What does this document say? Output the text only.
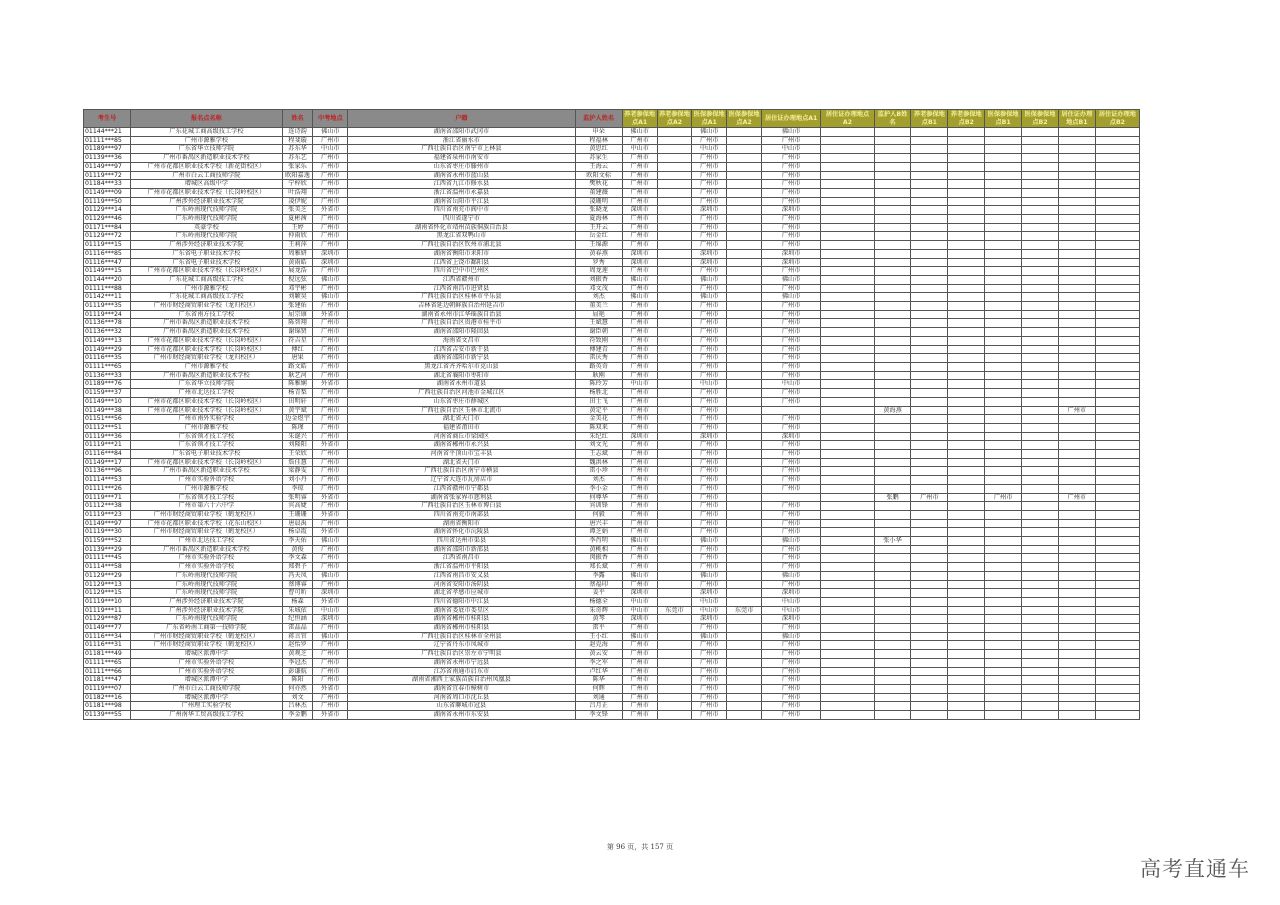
考生号	报名点名称	姓名	中考地点	户籍	监护人姓名	养老参保地点A1	养老参保地点A2	医保参保地点A1	医保参保地点A2	居住证办理地点A1	居住证办理地点A2	监护人B姓名	养老参保地点B1	养老参保地点B2	医保参保地点B1	医保参保地点B2	居住证办理地点B1	居住证办理地点B2
01144***21	广东花城工商高级技工学校	连诗韵	佛山市	湖南省邵阳市武冈市	申朵	佛山市		佛山市		佛山市								
01111***85	广州市源雅学校	程斐璇	广州市	浙江省丽水市	程福林	广州市		广州市		广州市								
01189***97	广东省华立技师学院	苏东华	中山市	广西壮族自治区南宁市上林县	黄思红	中山市		中山市		中山市								
01139***36	广州市番禺区新造职业技术学校	苏东艺	广州市	福建省泉州市南安市	苏家生	广州市		广州市		广州市								
01149***97	广州市花都区职业技术学校（新花街校区）	张家乐	广州市	山东省枣庄市滕州市	王海云	广州市		广州市		广州市								
01119***72	广州市白云工商技师学院	欧阳嘉逸	广州市	湖南省永州市蓝山县	欧阳文标	广州市		广州市		广州市								
01184***33	增城区高级中学	宁梓欣	广州市	江西省九江市修水县	樊秋花	广州市		广州市		广州市								
01149***09	广州市花都区职业技术学校（长岗岭校区）	叶浩翔	广州市	浙江省温州市永嘉县	董建薇	广州市		广州市		广州市								
01119***50	广州涉外经济职业技术学院	凌伊妮	广州市	湖南省岳阳市平江县	凌珊明	广州市		广州市		广州市								
01129***14	广东岭南现代技师学院	张美芝	外省市	四川省南充市阆中市	张晓龙	深圳市		深圳市		深圳市								
01129***46	广东岭南现代技师学院	夏彬茜	广州市	四川省遂宁市	夏海林	广州市		广州市		广州市								
01171***84	英豪学校	王婷	广州市	湖南省怀化市靖州苗族侗族自治县	王开云	广州市		广州市		广州市								
01129***72	广东岭南现代技师学院	仲雨欣	广州市	黑龙江省双鸭山市	岳金红	广州市		广州市		广州市								
01119***15	广州涉外经济职业技术学院	王莉萍	广州市	广西壮族自治区钦州市浦北县	王绵源	广州市		广州市		广州市								
01116***85	广东省电子职业技术学校	周雅妍	深圳市	湖南省衡阳市耒阳市	黄春燕	深圳市		深圳市		深圳市								
01116***47	广东省电子职业技术学校	黄雨皓	深圳市	江西省上饶市鄱阳县	罗秀	深圳市		深圳市		深圳市								
01149***15	广州市花都区职业技术学校（长岗岭校区）	展龙浩	广州市	四川省巴中市巴州区	周龙莲	广州市		广州市		广州市								
01144***20	广东花城工商高级技工学校	倪远弦	佛山市	江西省赣州市	刘振香	佛山市		佛山市		佛山市								
01111***88	广州市源雅学校	邓宇彬	广州市	江西省南昌市进贤县	邓文茂	广州市		广州市		广州市								
01142***11	广东花城工商高级技工学校	刘颖昊	佛山市	广西壮族自治区桂林市平乐县	刘杰	佛山市		佛山市		佛山市								
01119***35	广州市财经商贸职业学校（龙归校区）	张建佑	广州市	吉林省延边朝鲜族自治州延吉市	董美兰	广州市		广州市		广州市								
01119***24	广东省南方技工学校	屈宗康	外省市	湖南省永州市江华瑶族自治县	屈艳	广州市		广州市		广州市								
01136***78	广州市番禺区新造职业技术学校	陈智翔	广州市	广西壮族自治区贵港市桂平市	王斌慧	广州市		广州市		广州市								
01136***32	广州市番禺区新造职业技术学校	谢锦贤	广州市	湖南省邵阳市隆回县	谢臣朝	广州市		广州市		广州市								
01149***13	广州市花都区职业技术学校（长岗岭校区）	符吉星	广州市	海南省文昌市	符致刚	广州市		广州市		广州市								
01149***29	广州市花都区职业技术学校（长岗岭校区）	傅红	广州市	江西省吉安市新干县	傅建青	广州市		广州市		广州市								
01116***35	广州市财经商贸职业学校（龙归校区）	唐果	广州市	湖南省邵阳市新宁县	雷庆秀	广州市		广州市		广州市								
01111***65	广州市源雅学校	路文皓	广州市	黑龙江省齐齐哈尔市克山县	路英奇	广州市		广州市		广州市								
01136***33	广州市番禺区新造职业技术学校	耿艺河	广州市	湖北省襄阳市枣阳市	耿刚	广州市		广州市		广州市								
01189***76	广东省华立技师学院	陈雅娴	外省市	湖南省永州市道县	陈玲芳	中山市		中山市		中山市								
01159***37	广州市北达技工学校	杨青梨	广州市	广西壮族自治区河池市金城江区	杨胜北	广州市		广州市		广州市								
01149***10	广州市花都区职业技术学校（长岗岭校区）	田明轩	广州市	山东省枣庄市薛城区	田士飞	广州市		广州市		广州市								
01149***38	广州市花都区职业技术学校（长岗岭校区）	黄宇斌	广州市	广西壮族自治区玉林市北流市	黄定平	广州市		广州市				黄海燕					广州市	
01151***56	广州市南外实验学校	边金煜宇	广州市	湖北省天门市	金美花	广州市		广州市		广州市								
01112***51	广州市源雅学校	陈瑾	广州市	福建省莆田市	陈双来	广州市		广州市		广州市								
01119***36	广东省领才技工学校	朱诞兴	广州市	河南省商丘市梁园区	朱纪红	深圳市		深圳市		深圳市								
01119***21	广东省领才技工学校	刘隆阳	外省市	湖南省郴州市永兴县	刘文光	广州市		广州市		广州市								
01116***84	广东省电子职业技术学校	王荣欣	广州市	河南省平顶山市宝丰县	王志斌	广州市		广州市		广州市								
01149***17	广州市花都区职业技术学校（长岗岭校区）	詹佳慧	广州市	湖北省天门市	魏洪林	广州市		广州市		广州市								
01136***96	广州市番禺区新造职业技术学校	梁静雯	广州市	广西壮族自治区南宁市横县	雷小珍	广州市		广州市		广州市								
01114***53	广州市实验外语学校	刘小丹	广州市	辽宁省大连市瓦房店市	刘杰	广州市		广州市		广州市								
01111***26	广州市源雅学校	李琼	广州市	江西省赣州市宁都县	李小金	广州市		广州市		广州市								
01119***71	广东省领才技工学校	张明睿	外省市	湖南省张家界市慈利县	何尊华	广州市		广州市				张鹏	广州市		广州市		广州市	
01112***38	广州市第六十六中学	宾高婕	广州市	广西壮族自治区玉林市博白县	宾训锋	广州市		广州市		广州市								
01119***23	广州市财经商贸职业学校（鹤龙校区）	王珊珊	外省市	四川省南充市南部县	何毅	广州市		广州市		广州市								
01149***97	广州市花都区职业技术学校（花东山校区）	唐晨禹	广州市	湖南省衡阳市	唐兴丰	广州市		广州市		广州市								
01119***30	广州市财经商贸职业学校（鹤龙校区）	杨卓霞	外省市	湖南省怀化市沅陵县	谭芝娟	广州市		广州市		广州市								
01159***52	广州市北达技工学校	李天佑	佛山市	四川省达州市渠县	李肖明	佛山市		佛山市		佛山市		张小华						
01139***29	广州市番禺区新造职业技术学校	黄俊	广州市	湖南省邵阳市新邵县	黄桃相	广州市		广州市		广州市								
01111***45	广州市实验外语学校	李文森	广州市	江西省南昌市	闵振香	广州市		广州市		广州市								
01114***58	广州市实验外语学校	郑碧予	广州市	浙江省温州市平阳县	郑长斌	广州市		广州市		广州市								
01129***29	广东岭南现代技师学院	冯天凤	佛山市	江西省南昌市安义县	李露	佛山市		佛山市		佛山市								
01129***13	广东岭南现代技师学院	蔡博睿	广州市	河南省安阳市汤阴县	蔡福印	广州市		广州市		广州市								
01129***15	广东岭南现代技师学院	曹可昕	深圳市	湖北省孝感市应城市	姜平	深圳市		深圳市		深圳市								
01119***10	广州涉外经济职业技术学院	杨森	外省市	四川省德阳市中江县	杨德全	中山市		中山市		中山市								
01119***11	广州涉外经济职业技术学院	朱城依	中山市	湖南省娄底市娄星区	朱奇辉	中山市	东莞市	中山市	东莞市	中山市								
01129***87	广东岭南现代技师学院	纪恒涵	深圳市	湖南省郴州市桂阳县	黄琴	深圳市		深圳市		深圳市								
01149***77	广东省岭南工商第一技师学院	雷晶晶	广州市	湖南省郴州市桂阳县	雷平	广州市		广州市		广州市								
01116***34	广州市财经商贸职业学校（鹤龙校区）	蒋言官	佛山市	广西壮族自治区桂林市全州县	王小红	佛山市		佛山市		佛山市								
01116***31	广州市财经商贸职业学校（鹤龙校区）	赵怡罗	广州市	辽宁省丹东市凤城市	赵克海	广州市		广州市		广州市								
01181***49	增城区派潭中学	黄观芝	广州市	广西壮族自治区崇左市宁明县	黄云安	广州市		广州市		广州市								
01111***65	广州市实验外语学校	李冠杰	广州市	湖南省永州市宁远县	李之军	广州市		广州市		广州市								
01111***66	广州市实验外语学校	彭谦航	广州市	江苏省南通市启东市	卢红华	广州市		广州市		广州市								
01181***47	增城区派潭中学	陈阳	广州市	湖南省湘西土家族苗族自治州凤凰县	陈华	广州市		广州市		广州市								
01119***07	广州市白云工商技师学院	何亦然	外省市	湖南省宜春市樟树市	何辉	广州市		广州市		广州市								
01182***16	增城区派潭中学	刘文	广州市	河南省周口市沈丘县	刘通	广州市		广州市		广州市								
01181***98	广州理工实验学校	吕林杰	广州市	山东省聊城市冠县	吕月正	广州市		广州市		广州市								
01139***55	广州南华工贸高级技工学校	李金鹏	外省市	湖南省永州市东安县	李文锋	广州市		广州市		广州市								
第 96 页，共 157 页
高考直通车
